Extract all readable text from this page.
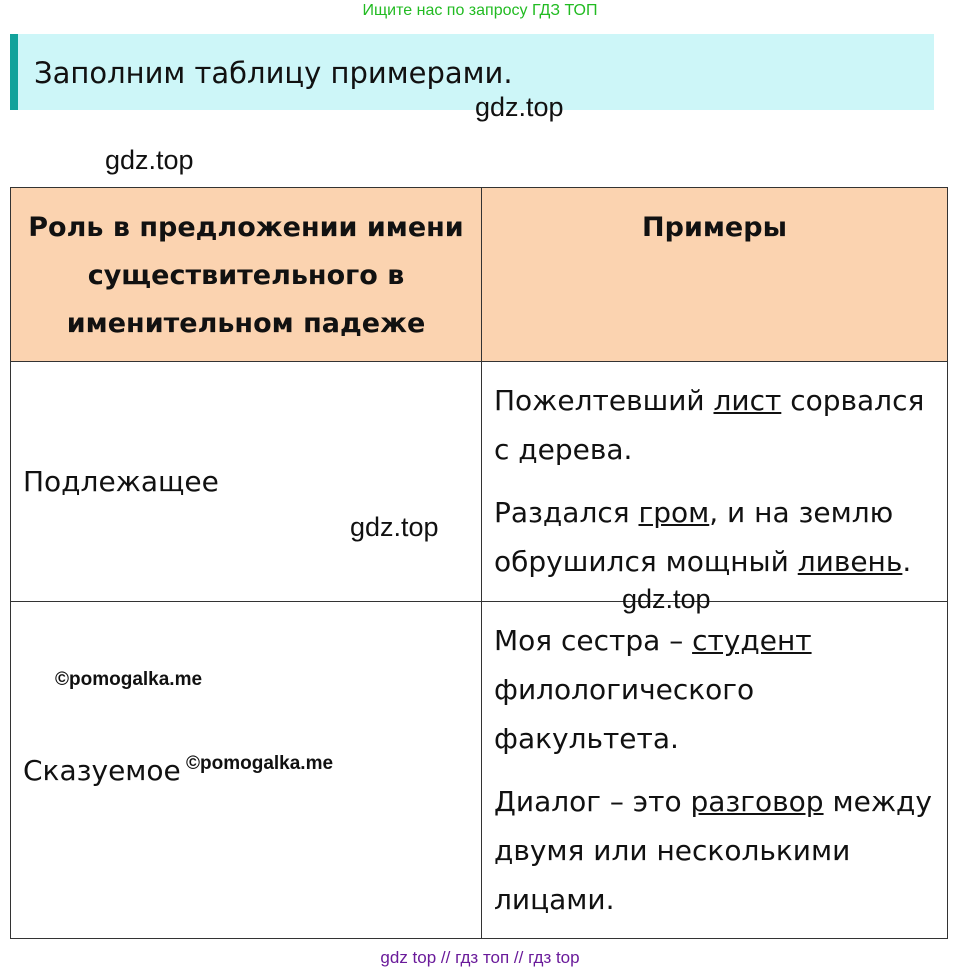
Ищите нас по запросу ГДЗ ТОП
Заполним таблицу примерами.
Роль в предложении имени существительного в именительном падеже	Примеры
Подлежащее	Пожелтевший лист сорвался с дерева.

Раздался гром, и на землю обрушился мощный ливень.

Сказуемое	Моя сестра – студент филологического факультета.

Диалог – это разговор между двумя или несколькими лицами.

gdz.top
gdz.top
gdz.top
gdz.top
©pomogalka.me
©pomogalka.me
gdz top // гдз топ // гдз top
